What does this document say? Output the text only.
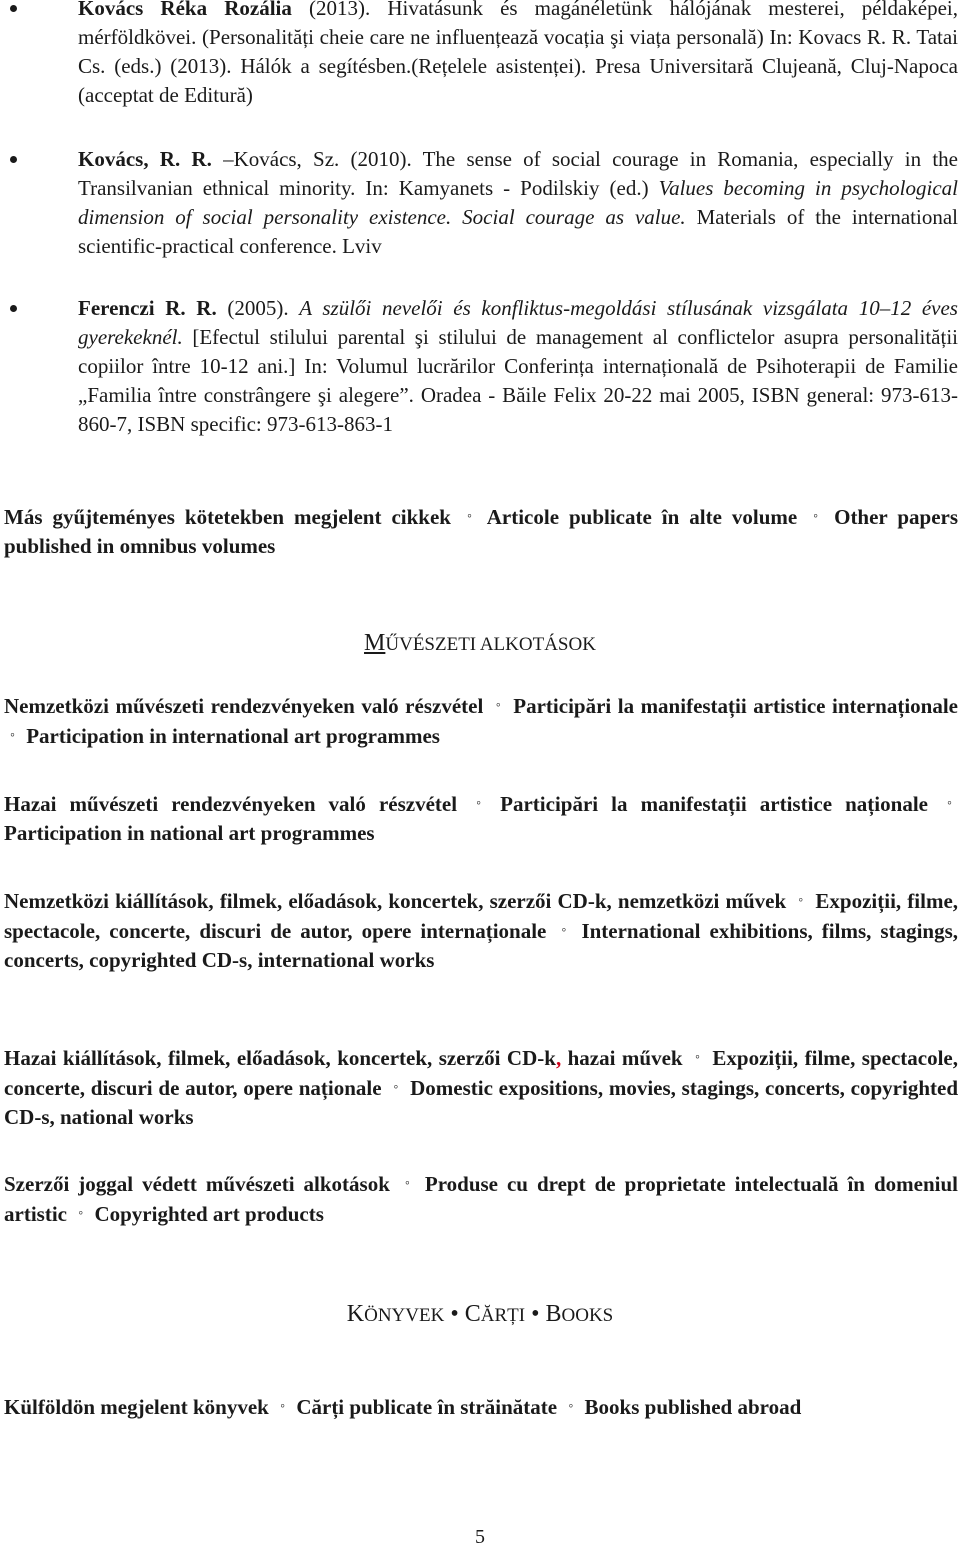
Kovács Réka Rozália (2013). Hivatásunk és magánéletünk hálójának mesterei, példaképei, mérföldkövei. (Personalități cheie care ne influențează vocația şi viața personală) In: Kovacs R. R. Tatai Cs. (eds.) (2013). Hálók a segítésben.(Rețelele asistenței). Presa Universitară Clujeană, Cluj-Napoca (acceptat de Editură)
Kovács, R. R. –Kovács, Sz. (2010). The sense of social courage in Romania, especially in the Transilvanian ethnical minority. In: Kamyanets - Podilskiy (ed.) Values becoming in psychological dimension of social personality existence. Social courage as value. Materials of the international scientific-practical conference. Lviv
Ferenczi R. R. (2005). A szülői nevelői és konfliktus-megoldási stílusának vizsgálata 10–12 éves gyerekeknél. [Efectul stilului parental şi stilului de management al conflictelor asupra personalității copiilor între 10-12 ani.] In: Volumul lucrărilor Conferința internațională de Psihoterapii de Familie „Familia între constrângere şi alegere”. Oradea - Băile Felix 20-22 mai 2005, ISBN general: 973-613-860-7, ISBN specific: 973-613-863-1
Más gyűjteményes kötetekben megjelent cikkek ◦ Articole publicate în alte volume ◦ Other papers published in omnibus volumes
MŰVÉSZETI ALKOTÁSOK
Nemzetközi művészeti rendezvényeken való részvétel ◦ Participări la manifestații artistice internaționale ◦ Participation in international art programmes
Hazai művészeti rendezvényeken való részvétel ◦ Participări la manifestații artistice naționale ◦ Participation in national art programmes
Nemzetközi kiállítások, filmek, előadások, koncertek, szerzői CD-k, nemzetközi művek ◦ Expoziții, filme, spectacole, concerte, discuri de autor, opere internaționale ◦ International exhibitions, films, stagings, concerts, copyrighted CD-s, international works
Hazai kiállítások, filmek, előadások, koncertek, szerzői CD-k, hazai művek ◦ Expoziții, filme, spectacole, concerte, discuri de autor, opere naționale ◦ Domestic expositions, movies, stagings, concerts, copyrighted CD-s, national works
Szerzői joggal védett művészeti alkotások ◦ Produse cu drept de proprietate intelectuală în domeniul artistic ◦ Copyrighted art products
KÖNYVEK • CĂRȚI • BOOKS
Külföldön megjelent könyvek ◦ Cărți publicate în străinătate ◦ Books published abroad
5
